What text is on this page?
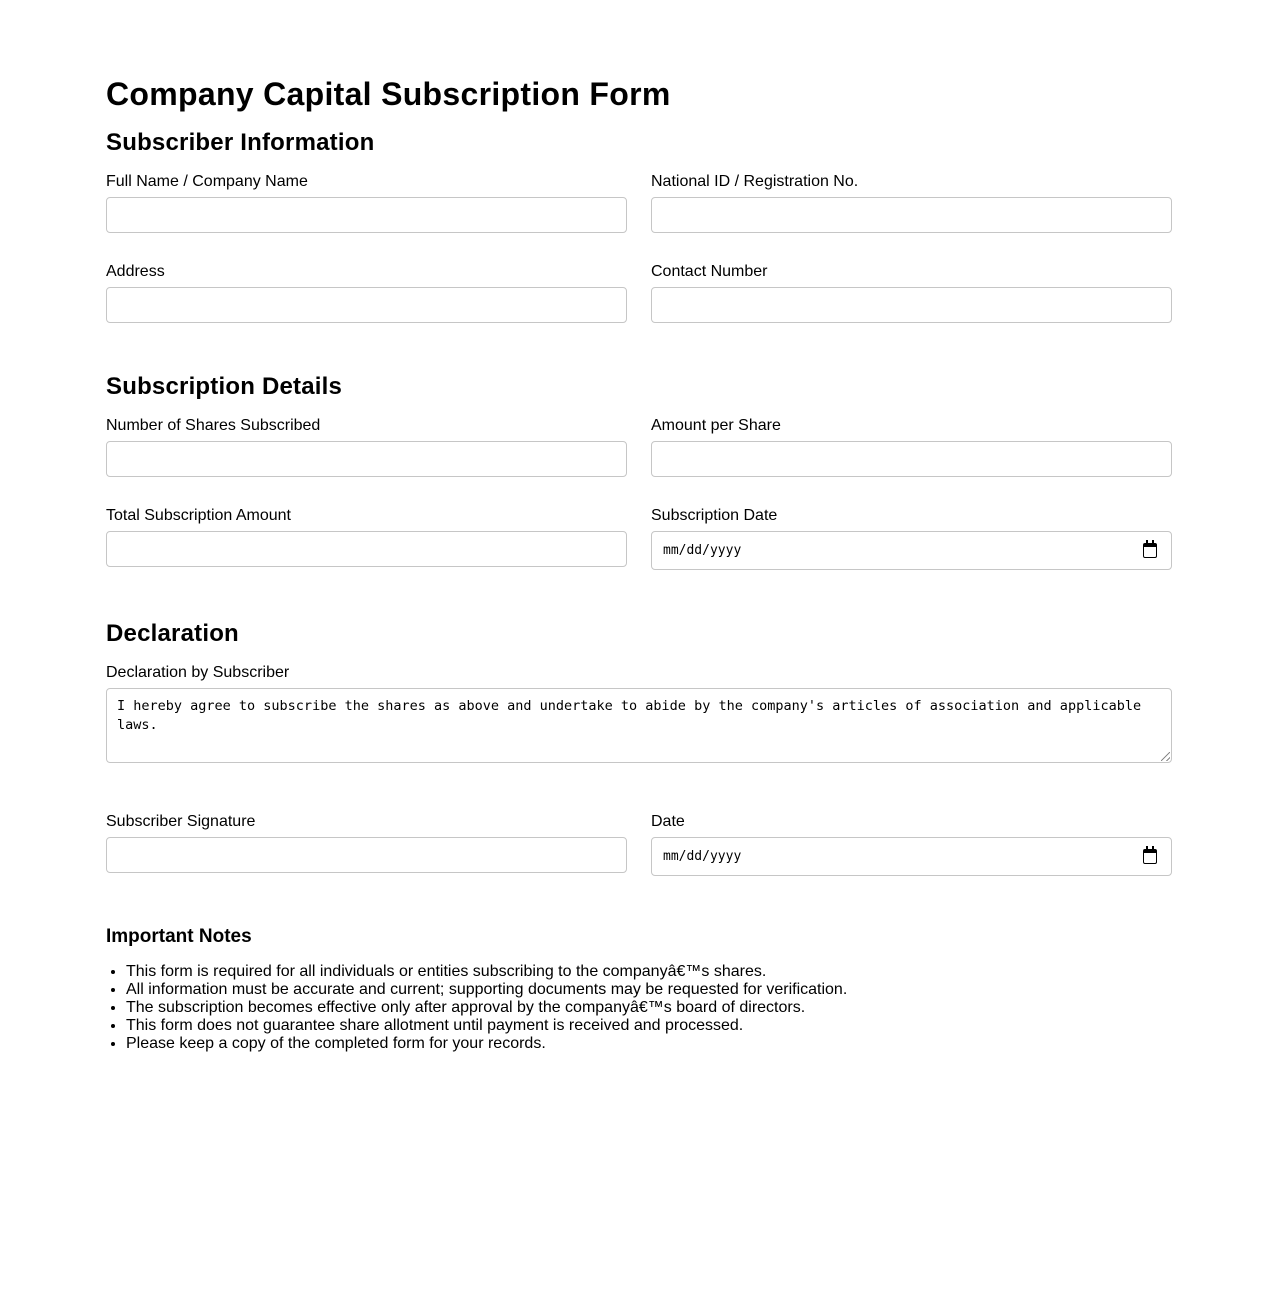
Company Capital Subscription Form
Subscriber Information
Full Name / Company Name	National ID / Registration No.
Address	Contact Number
Subscription Details
Number of Shares Subscribed	Amount per Share
Total Subscription Amount	Subscription Date
mm/dd/yyyy
Declaration
Declaration by Subscriber
I hereby agree to subscribe the shares as above and undertake to abide by the company's articles of association and applicable laws.
Subscriber Signature	Date
mm/dd/yyyy
Important Notes
• This form is required for all individuals or entities subscribing to the companyâ€™s shares.
• All information must be accurate and current; supporting documents may be requested for verification.
• The subscription becomes effective only after approval by the companyâ€™s board of directors.
• This form does not guarantee share allotment until payment is received and processed.
• Please keep a copy of the completed form for your records.
